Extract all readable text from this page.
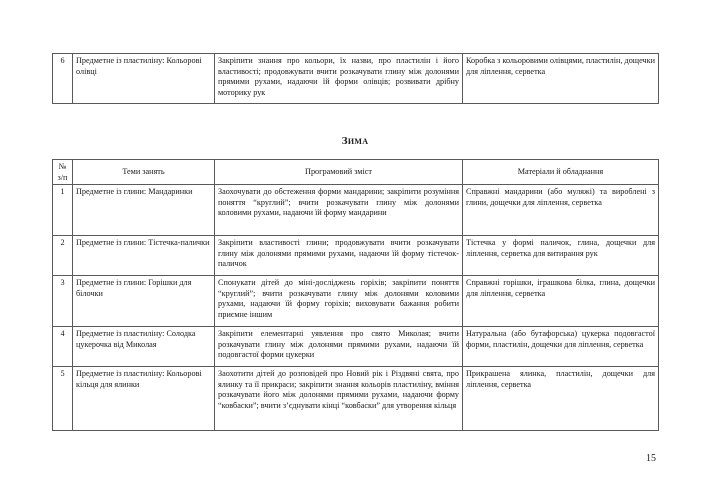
6	Предметне із пластиліну: Кольорові олівці	Закріпити знання про кольори, їх назви, про пластилін і його властивості; продовжувати вчити розкачувати глину між долонями прямими рухами, надаючи їй форми олівців; розвивати дрібну моторику рук	Коробка з кольоровими олівцями, пластилін, дощечки для ліплення, серветка
Зима
№ з/п	Теми занять	Програмовий зміст	Матеріали й обладнання
1	Предметне із глини: Мандаринки	Заохочувати до обстеження форми мандарини; закріпити розуміння поняття “круглий”; вчити розкачувати глину між долонями коловими рухами, надаючи їй форму мандарини	Справжні мандарини (або муляжі) та вироблені з глини, дощечки для ліплення, серветка
2	Предметне із глини: Тістечка-палички	Закріпити властивості глини; продовжувати вчити розкачувати глину між долонями прямими рухами, надаючи їй форму тістечок-паличок	Тістечка у формі паличок, глина, дощечки для ліплення, серветка для витирання рук
3	Предметне із глини: Горішки для білочки	Спонукати дітей до міні-досліджень горіхів; закріпити поняття “круглий”; вчити розкачувати глину між долонями коловими рухами, надаючи їй форму горіхів; виховувати бажання робити приємне іншим	Справжні горішки, іграшкова білка, глина, дощечки для ліплення, серветка
4	Предметне із пластиліну: Солодка цукерочка від Миколая	Закріпити елементарні уявлення про свято Миколая; вчити розкачувати глину між долонями прямими рухами, надаючи їй подовгастої форми цукерки	Натуральна (або бутафорська) цукерка подовгастої форми, пластилін, дощечки для ліплення, серветка
5	Предметне із пластиліну: Кольорові кільця для ялинки	Заохотити дітей до розповідей про Новий рік і Різдвяні свята, про ялинку та її прикраси; закріпити знання кольорів пластиліну, вміння розкачувати його між долонями прямими рухами, надаючи форму “ковбаски”; вчити з’єднувати кінці “ковбаски” для утворення кільця	Прикрашена ялинка, пластилін, дощечки для ліплення, серветка
15
